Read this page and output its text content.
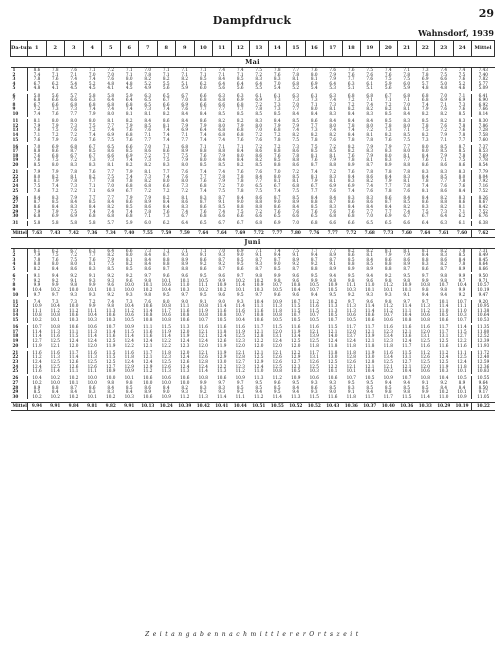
29
Dampfdruck
Wahnsdorf, 1939
Da-tum	1	2	3	4	5	6	7	8	9	10	11	12	13	14	15	16	17	18	19	20	21	22	23	24	Mittel
Mai																									
1	8.6	7.8	7.6	7.1	7.2	7.1	7.0	7.1	7.1	7.1	7.4	7.4	7.5	7.8	7.7	7.6	7.6	7.6	7.5	7.4	7.1	7.3	7.4	7.4	7.43
2	7.4	7.1	7.1	7.0	7.0	7.1	7.8	7.1	7.1	7.1	7.1	7.1	7.2	7.6	7.8	8.0	7.9	7.6	7.6	7.6	7.8	7.8	7.5	7.5	7.40
3	7.8	7.6	7.4	7.4	7.6	8.0	8.2	8.2	8.2	8.5	8.4	8.5	8.3	8.3	8.1	8.1	7.9	7.7	7.6	7.5	7.5	6.9	6.6	7.6	7.82
4	6.7	6.2	5.4	5.2	4.8	4.8	5.2	5.5	5.1	6.2	6.4	6.4	6.4	7.0	6.8	6.9	6.4	6.3	6.1	5.9	6.0	5.7	5.0	5.2	5.77
5	4.8	4.1	4.5	4.5	4.1	4.5	4.9	5.6	5.9	6.0	5.6	5.6	5.5	5.4	5.2	5.4	5.3	5.1	5.1	5.6	5.9	4.8	4.8	4.6	5.09

6	5.0	5.6	5.7	5.8	5.8	5.9	6.3	6.5	6.7	6.6	6.3	6.3	6.1	6.1	6.3	6.1	6.3	6.8	6.8	6.7	6.8	6.8	7.0	7.1	6.41
7	6.8	6.6	6.6	6.3	6.4	6.4	6.5	6.7	7.0	6.8	6.8	6.9	6.9	7.3	7.3	7.3	7.4	7.2	7.1	7.1	7.1	6.8	6.9	6.9	6.90
8	6.7	6.6	6.8	6.8	6.8	6.8	6.5	6.6	6.9	6.6	6.6	6.8	7.2	7.3	7.0	7.1	7.3	7.2	7.4	7.2	7.0	7.4	7.1	7.3	6.92
9	7.2	7.3	7.3	7.4	7.4	7.4	7.3	7.4	7.6	7.7	7.7	7.7	7.8	7.3	7.7	8.0	8.1	8.2	8.2	8.2	8.1	7.9	7.6	7.6	7.66
10	7.4	7.6	7.7	7.9	8.0	8.1	8.1	8.2	8.4	8.4	8.5	8.5	8.5	8.5	8.4	8.4	8.3	8.4	8.3	8.5	8.4	8.2	8.2	8.5	8.14

11	8.1	8.0	8.0	8.0	8.1	8.2	8.4	8.6	8.4	8.6	8.2	8.2	8.3	8.4	8.5	8.6	8.4	8.4	8.4	8.5	8.3	8.5	8.2	8.3	8.30
12	7.9	7.9	7.3	7.5	7.7	7.9	8.5	8.1	7.9	7.9	8.0	7.9	8.0	7.9	7.9	7.7	8.0	7.8	8.0	7.8	8.0	7.8	7.6	7.8	7.86
13	7.6	7.5	7.6	7.2	7.4	7.6	7.6	7.4	6.9	6.4	6.8	6.8	7.0	6.8	7.4	7.3	7.4	7.4	7.2	7.3	7.1	7.5	7.2	7.6	7.28
14	7.1	7.2	7.2	7.4	6.9	6.8	7.1	7.4	7.1	7.4	6.8	6.8	7.2	7.2	8.2	8.2	8.2	8.4	8.1	8.2	8.5	8.2	7.9	7.8	7.58
15	7.6	7.9	7.6	7.6	7.5	7.6	7.7	7.4	7.7	7.4	7.4	7.6	7.6	7.8	7.5	7.8	7.6	7.8	7.8	7.6	7.5	7.3	7.1	7.7	7.60

16	7.0	6.9	6.8	6.7	6.5	6.6	7.0	7.1	6.8	7.1	7.1	7.1	7.2	7.2	7.3	7.5	7.2	8.2	7.9	7.9	7.7	8.0	8.5	8.7	7.37
17	8.8	8.6	8.7	8.5	8.6	8.5	8.6	8.6	8.9	8.8	8.8	8.4	8.6	8.8	8.6	8.5	8.5	8.2	8.3	8.3	8.0	8.0	8.5	8.5	8.53
18	7.6	6.8	6.7	6.7	6.6	6.9	7.2	7.7	7.5	7.6	7.9	8.0	8.6	7.6	7.8	8.1	8.1	7.6	7.9	8.0	8.1	8.4	7.9	7.8	7.69
19	7.6	7.5	7.2	7.3	7.3	7.4	7.3	7.5	7.9	8.0	8.4	8.4	8.2	8.5	8.8	7.6	7.9	7.8	8.1	8.3	7.7	7.6	7.1	7.5	7.78
20	8.5	8.0	8.3	8.3	8.1	8.2	8.2	8.3	8.0	8.5	8.5	8.2	8.5	8.8	8.6	8.7	8.8	8.9	8.7	8.9	8.8	8.6	8.6	8.6	8.54

21	7.9	7.9	7.8	7.6	7.7	7.9	8.1	7.7	7.6	7.4	7.4	7.6	7.6	7.0	7.2	7.4	7.2	7.6	7.8	7.8	7.8	8.3	8.3	8.3	7.79
22	8.0	8.2	8.1	8.2	7.5	7.4	7.3	7.4	7.6	7.7	7.8	7.8	8.4	8.0	8.5	8.1	8.3	8.4	8.6	8.4	8.3	8.4	8.5	8.0	8.04
23	8.1	7.9	7.8	7.7	7.8	7.8	8.2	8.0	8.0	7.6	7.9	7.8	7.7	8.1	8.1	7.9	8.1	8.3	8.2	7.9	8.1	7.8	7.7	7.8	7.92
24	7.5	7.4	7.3	7.1	7.0	6.8	6.8	6.6	7.3	6.8	7.2	7.0	6.5	6.7	6.8	6.7	6.9	6.9	7.4	7.7	7.8	7.4	7.6	7.6	7.16
25	7.6	7.2	7.2	7.1	6.9	6.7	7.2	7.2	7.2	7.4	7.5	7.8	7.5	7.4	7.5	7.7	7.6	7.4	7.6	7.8	7.6	8.1	8.6	8.4	7.52

26	8.4	8.3	7.9	7.7	7.7	7.9	7.9	8.2	8.1	8.3	8.7	8.4	8.6	8.7	8.5	8.4	8.4	8.3	8.3	8.6	8.4	8.4	8.2	8.3	8.26
27	8.7	8.5	8.4	8.5	8.4	8.6	8.9	8.4	8.6	8.7	9.1	9.0	8.8	9.0	8.9	8.8	8.7	8.6	8.6	8.7	8.5	8.6	8.8	8.6	8.67
28	8.6	8.4	8.3	8.4	8.2	8.5	8.6	8.4	8.3	8.6	8.5	8.8	8.8	8.6	8.4	8.5	8.3	8.4	8.4	8.4	8.2	8.3	8.2	8.1	8.42
29	7.9	7.9	7.5	7.4	7.4	7.4	7.8	7.6	7.4	7.6	7.4	7.5	7.2	7.6	7.6	7.6	7.6	7.6	7.7	7.7	7.4	7.5	7.3	7.1	7.52
30	6.8	6.9	6.9	6.8	6.8	6.8	7.1	7.3	6.7	6.8	6.6	6.6	6.6	6.5	6.6	6.5	6.8	6.8	7.0	6.9	6.7	6.7	6.4	6.2	6.76

31	5.8	5.8	5.8	5.8	5.7	5.9	6.0	6.2	6.4	6.5	6.7	6.7	6.8	6.9	7.0	6.8	6.6	6.6	6.5	6.5	6.6	6.4	6.3	6.1	6.38

Mittel	7.63	7.43	7.42	7.36	7.34	7.40	7.55	7.59	7.59	7.64	7.64	7.69	7.72	7.77	7.80	7.76	7.77	7.72	7.68	7.73	7.60	7.64	7.61	7.60	7.62
Juni																									
1	6.1	6.2	6.7	6.3	6.4	6.6	7.3	7.1	7.1	7.1	7.0	6.9	7.1	7.4	7.5	7.7	7.7	8.2	8.2	8.1	8.1	8.1	8.2	7.8	7.31
2	7.9	7.5	7.2	7.7	8.2	8.0	8.4	8.7	9.3	9.1	9.3	9.0	9.1	9.4	9.1	9.4	8.9	8.6	8.1	7.9	7.9	8.4	8.3	8.5	8.49
3	7.8	7.6	7.5	7.6	7.9	8.1	8.4	8.8	8.9	8.6	8.7	8.5	8.7	8.7	8.9	8.7	8.7	8.5	8.4	8.6	8.6	8.8	8.6	8.4	8.45
4	8.0	8.0	8.0	8.1	7.5	8.2	8.4	8.8	8.9	9.2	9.2	9.5	9.3	9.0	9.2	9.2	9.1	8.8	8.5	8.8	8.9	8.3	8.2	7.8	8.64
5	8.2	8.4	8.6	8.3	8.5	8.5	8.6	8.7	8.8	8.6	8.7	8.6	8.7	8.5	8.7	8.8	8.9	8.9	8.9	8.8	8.7	8.6	8.7	8.9	8.66

6	9.1	9.4	9.2	9.1	9.2	9.2	9.7	9.6	9.6	9.5	9.6	9.7	9.8	9.9	9.6	9.5	9.4	9.5	9.4	9.2	9.5	9.7	9.8	9.9	9.50
7	9.2	9.2	9.1	9.3	9.3	9.6	9.8	10.1	10.1	10.5	9.9	10.2	10.2	9.8	9.6	9.9	9.8	9.8	9.6	9.8	9.8	9.9	9.8	9.7	9.71
8	9.9	9.9	9.8	9.9	9.6	10.0	10.1	10.6	11.0	11.1	10.9	11.4	10.9	10.7	10.8	10.5	10.9	11.1	11.0	11.2	10.9	10.8	10.7	10.4	10.57
9	10.4	10.2	10.0	10.1	10.1	10.0	10.2	10.4	10.3	10.2	10.2	10.1	10.3	10.5	10.4	10.7	10.5	10.3	10.1	10.1	10.1	9.8	9.8	9.9	10.19
10	9.7	9.7	9.3	9.3	9.2	9.3	9.8	9.5	9.7	9.5	9.6	9.5	9.7	9.6	9.6	9.4	9.5	9.2	9.3	9.3	9.1	9.4	9.4	9.2	9.47

11	7.4	7.3	7.3	7.2	7.4	7.3	7.6	8.0	9.0	9.1	9.0	9.3	10.4	10.9	10.7	11.2	10.2	9.7	9.6	9.8	9.7	9.7	10.1	10.7	9.20
12	10.9	10.4	10.0	9.9	9.8	10.4	10.6	10.8	11.1	10.8	11.4	11.4	11.1	11.3	11.5	11.6	11.3	11.3	11.4	11.2	11.4	11.3	11.4	11.1	10.95
13	11.1	11.2	11.2	11.1	11.3	11.2	11.4	11.7	11.6	11.9	11.6	11.6	11.6	11.8	11.5	11.5	11.3	11.3	11.4	11.2	11.1	11.2	11.0	11.0	11.38
14	10.8	10.8	10.6	10.4	10.6	10.6	10.8	10.6	10.8	10.8	10.8	10.7	10.8	10.8	10.7	10.7	10.5	10.6	10.6	10.7	10.4	10.6	10.5	10.3	10.64
15	10.2	10.1	10.3	10.3	10.3	10.5	10.8	10.8	10.6	10.7	10.5	10.4	10.6	10.5	10.5	10.5	10.7	10.5	10.6	10.6	10.8	10.8	10.6	10.7	10.53

16	10.7	10.8	10.6	10.6	10.7	10.9	11.1	11.5	11.3	11.6	11.6	11.6	11.7	11.5	11.6	11.6	11.5	11.7	11.7	11.6	11.6	11.6	11.7	11.4	11.35
17	11.4	11.3	11.1	11.3	11.4	11.5	11.6	11.9	12.0	12.1	11.8	11.9	12.1	12.0	11.9	12.1	12.1	12.0	12.1	12.3	12.1	12.0	11.7	11.5	11.80
18	11.4	11.6	11.5	11.4	11.6	11.4	11.6	11.4	11.9	12.1	12.4	12.5	12.8	13.1	13.4	13.9	14.0	13.7	13.9	13.4	13.6	13.1	13.1	12.7	12.52
19	12.7	12.5	12.4	12.4	12.5	12.4	12.4	12.2	12.4	12.4	12.6	12.3	12.2	12.4	12.5	12.5	12.4	12.4	12.1	12.3	12.4	12.5	12.5	12.2	12.39
20	11.9	12.1	12.0	12.0	11.9	12.2	12.1	12.2	12.3	12.0	11.9	12.0	12.0	12.0	12.0	11.8	11.8	11.8	11.8	11.8	11.7	11.6	11.6	11.6	11.93

21	11.6	11.6	11.7	11.6	11.5	11.6	11.7	11.8	12.0	12.1	11.9	12.1	12.1	12.1	12.2	11.7	11.8	11.8	11.9	11.6	11.5	11.2	11.2	11.1	11.72
22	11.2	11.3	11.4	11.3	11.5	11.8	12.1	12.3	12.4	12.6	12.9	12.8	12.5	12.6	12.9	13.1	13.0	12.8	13.0	13.4	13.1	12.6	12.4	12.5	12.40
23	12.4	12.5	12.6	12.5	12.5	12.4	12.4	12.5	12.6	12.8	13.0	12.7	12.9	12.6	12.7	12.6	12.5	12.6	12.8	12.5	12.7	12.5	12.5	12.4	12.59
24	12.4	12.5	12.6	12.6	12.7	12.9	12.9	12.6	12.4	12.4	12.2	12.3	12.4	12.5	12.3	12.5	12.2	12.1	12.1	12.1	12.1	12.0	11.9	11.8	12.36
25	11.6	11.4	11.1	11.1	10.9	10.9	11.2	11.3	11.3	11.4	11.3	11.2	11.0	10.8	10.5	10.3	10.1	10.1	10.4	10.2	10.4	10.6	10.3	10.1	10.83

26	10.4	10.2	10.2	10.0	10.0	10.1	10.6	10.6	10.6	10.8	10.6	10.9	11.3	11.2	10.9	10.6	10.6	10.7	10.5	10.9	10.7	10.8	10.4	10.5	10.55
27	10.2	10.0	10.1	10.0	9.8	9.8	10.0	10.0	10.0	9.9	9.7	9.7	9.5	9.6	9.5	9.3	9.3	9.5	9.5	9.4	9.4	9.1	9.2	8.9	9.64
28	8.9	8.8	8.7	8.6	8.4	8.5	8.6	8.4	8.2	8.3	8.3	8.5	8.5	8.5	8.4	8.6	8.5	8.3	8.5	8.5	8.5	8.5	8.4	8.4	8.50
29	8.5	8.4	8.4	8.3	8.3	8.4	8.9	9.0	9.3	9.2	9.3	9.2	9.4	9.5	9.4	9.3	9.0	9.1	9.4	9.8	9.8	9.9	10.2	10.1	9.17
30	10.2	10.2	10.2	10.1	10.2	10.3	10.6	10.9	11.2	11.3	11.4	11.1	11.2	11.4	11.3	11.5	11.6	11.8	11.7	11.7	11.5	11.4	11.0	10.9	11.05

Mittel	9.94	9.91	9.84	9.81	9.82	9.91	10.13	10.24	10.39	10.42	10.41	10.44	10.51	10.55	10.52	10.52	10.43	10.36	10.37	10.40	10.36	10.33	10.29	10.19	10.22
Z e i t a n g a b e n n a c h m i t t l e r e r O r t s z e i t
